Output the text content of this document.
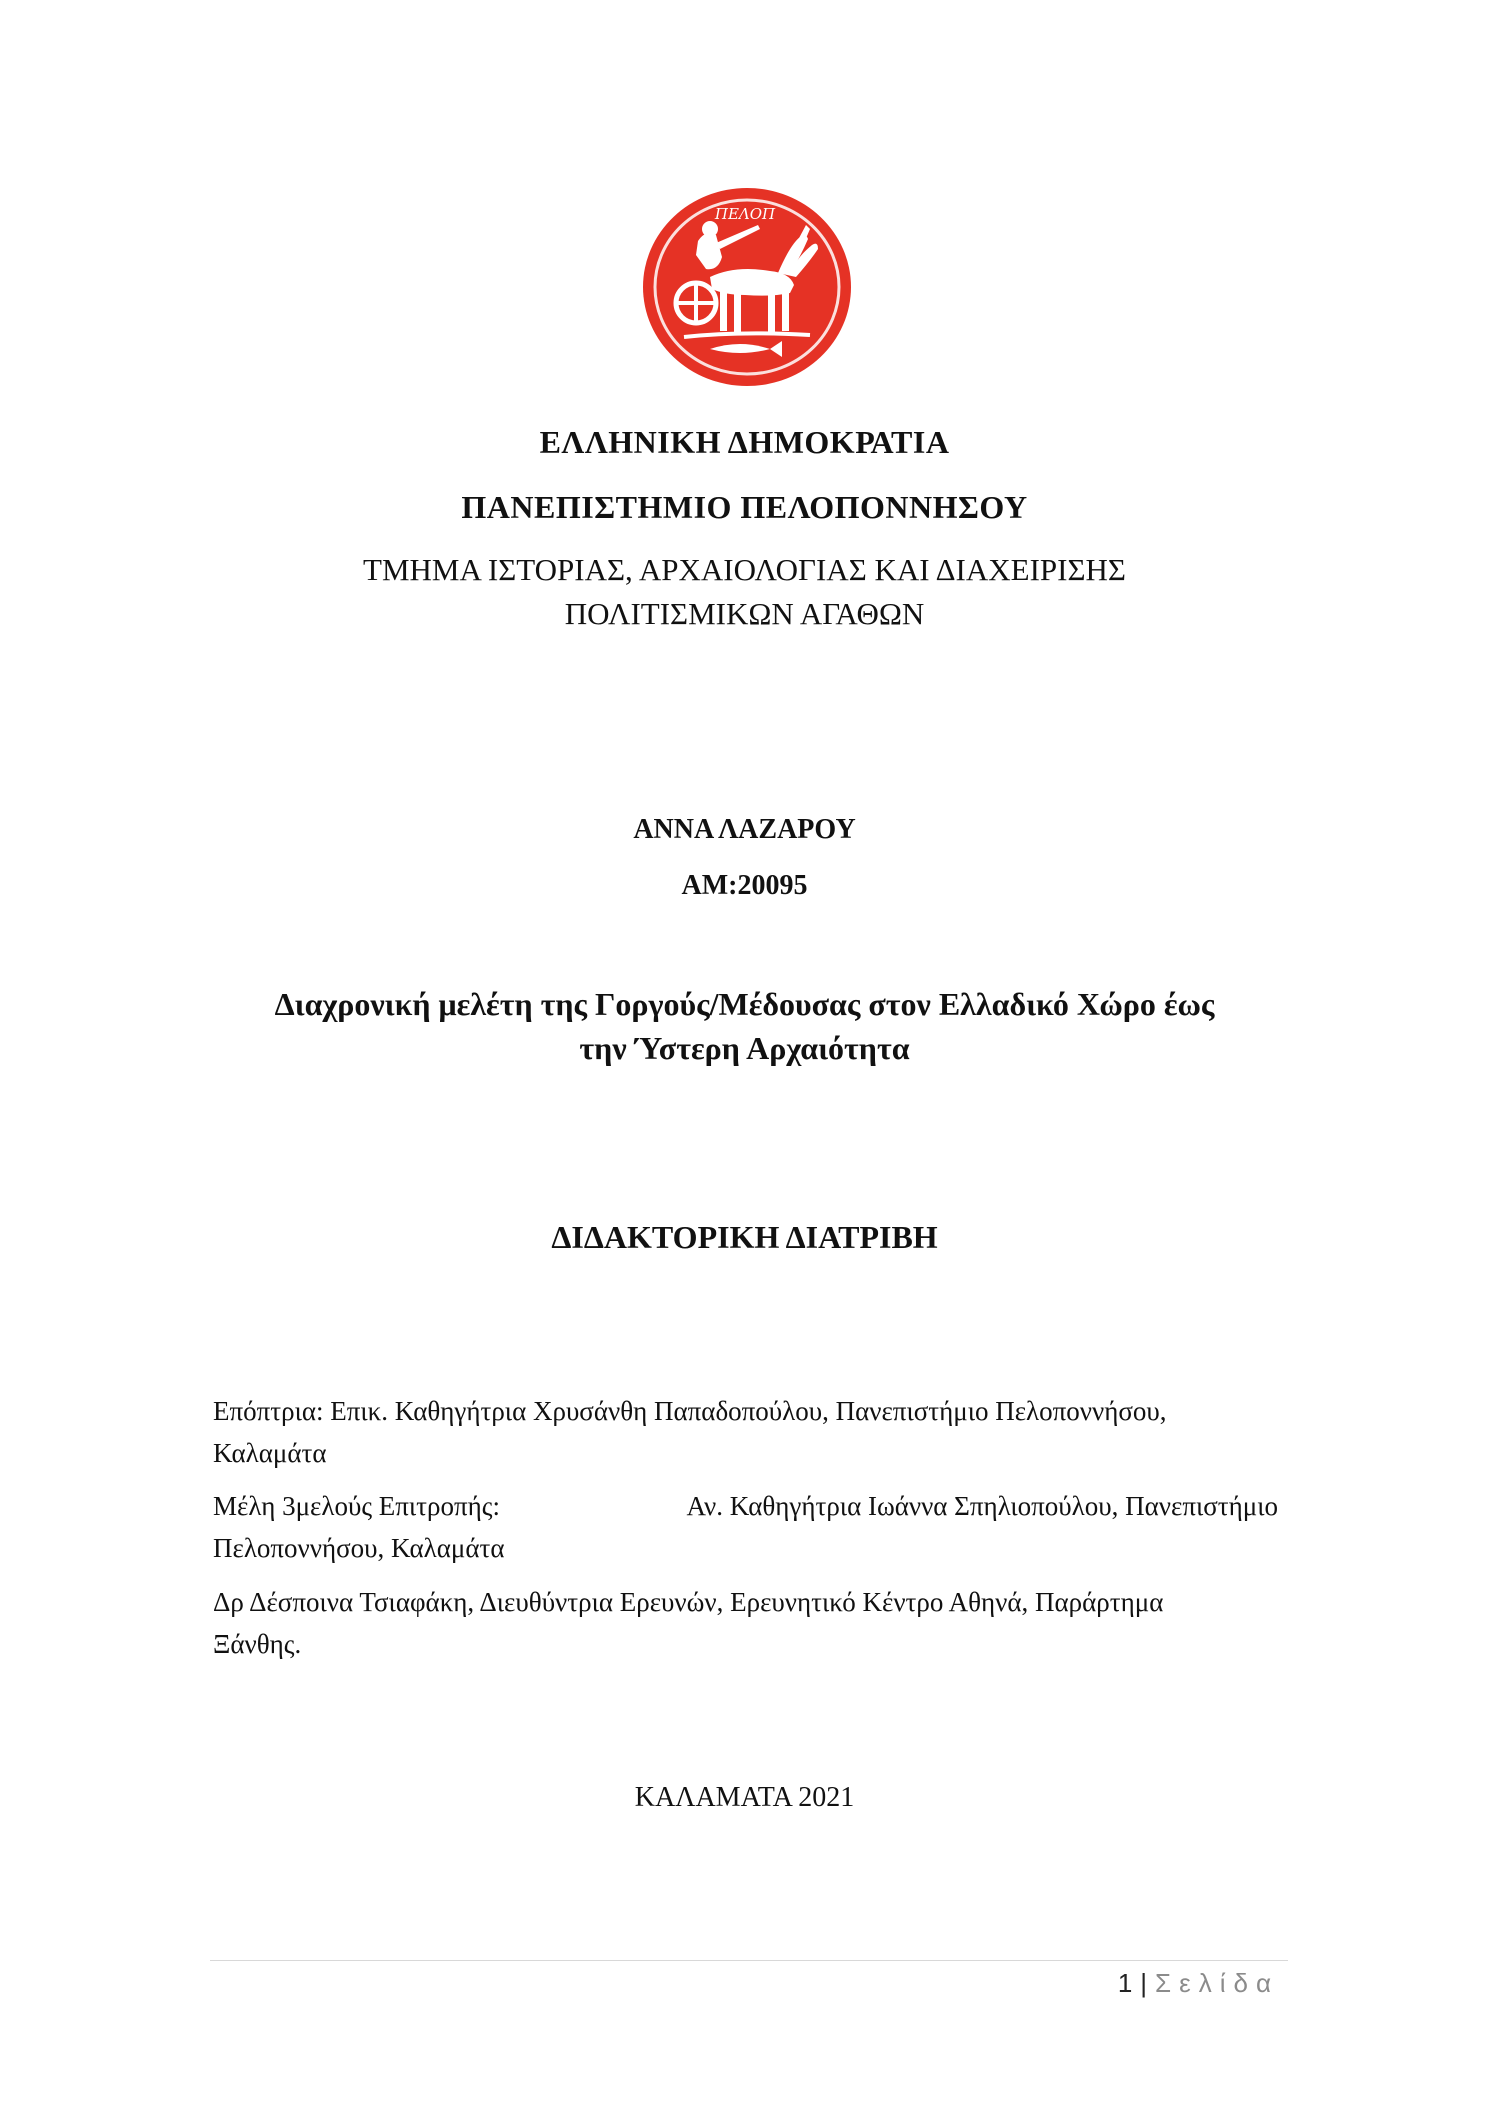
ΠΕΛΟΠ
ΕΛΛΗΝΙΚΗ ΔΗΜΟΚΡΑΤΙΑ
ΠΑΝΕΠΙΣΤΗΜΙΟ ΠΕΛΟΠΟΝΝΗΣΟΥ
ΤΜΗΜΑ ΙΣΤΟΡΙΑΣ, ΑΡΧΑΙΟΛΟΓΙΑΣ ΚΑΙ ΔΙΑΧΕΙΡΙΣΗΣ
ΠΟΛΙΤΙΣΜΙΚΩΝ ΑΓΑΘΩΝ
ΑΝΝΑ ΛΑΖΑΡΟΥ
ΑΜ:20095
Διαχρονική μελέτη της Γοργούς/Μέδουσας στον Ελλαδικό Χώρο έως
την Ύστερη Αρχαιότητα
ΔΙΔΑΚΤΟΡΙΚΗ ΔΙΑΤΡΙΒΗ
Επόπτρια: Επικ. Καθηγήτρια Χρυσάνθη Παπαδοπούλου, Πανεπιστήμιο Πελοποννήσου,
Καλαμάτα
Μέλη 3μελούς Επιτροπής:	Αν. Καθηγήτρια Ιωάννα Σπηλιοπούλου, Πανεπιστήμιο
Πελοποννήσου, Καλαμάτα
Δρ Δέσποινα Τσιαφάκη, Διευθύντρια Ερευνών, Ερευνητικό Κέντρο Αθηνά, Παράρτημα
Ξάνθης.
ΚΑΛΑΜΑΤΑ 2021
1 | Σελίδα
